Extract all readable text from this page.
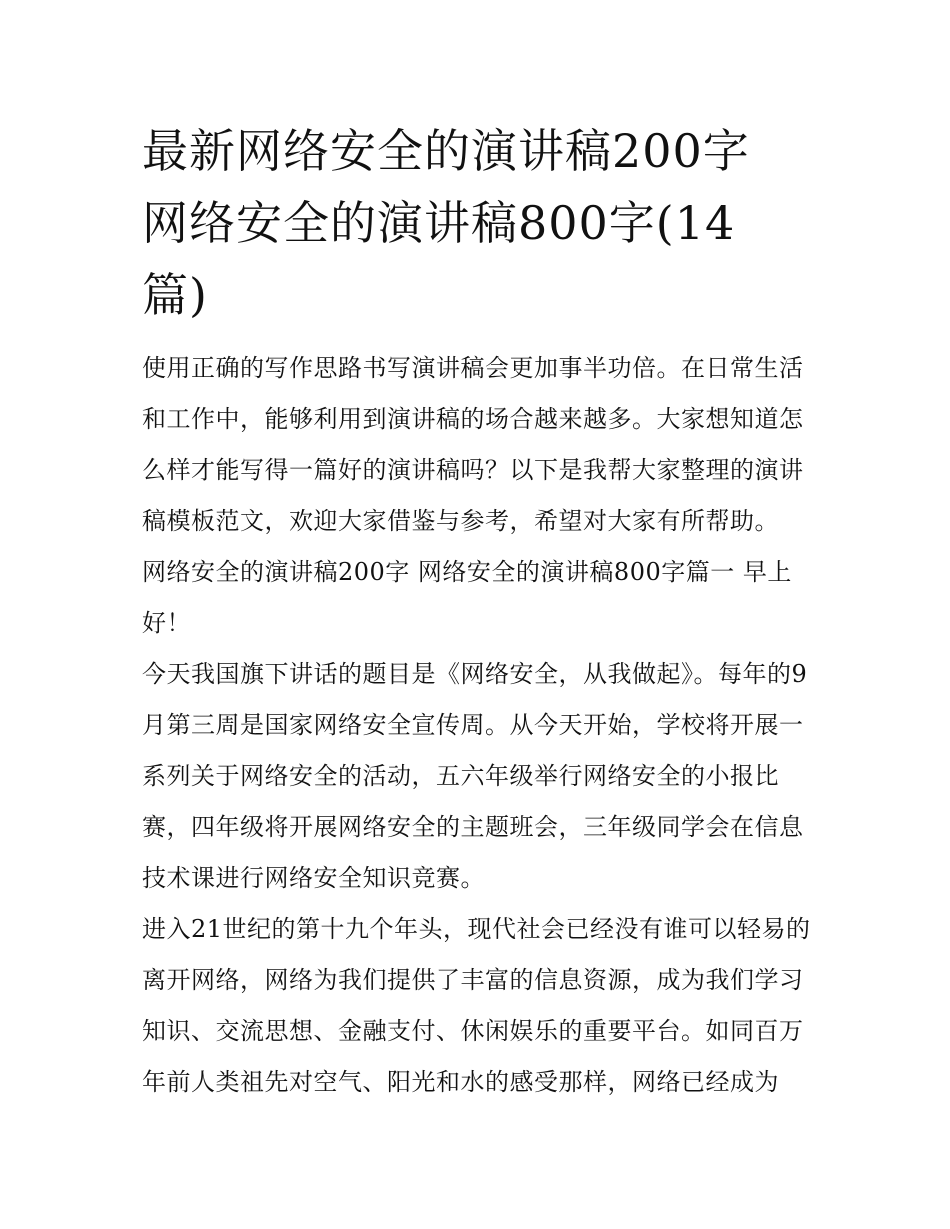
最新网络安全的演讲稿200字
网络安全的演讲稿800字(14
篇)

使用正确的写作思路书写演讲稿会更加事半功倍。在日常生活和工作中，能够利用到演讲稿的场合越来越多。大家想知道怎么样才能写得一篇好的演讲稿吗？以下是我帮大家整理的演讲稿模板范文，欢迎大家借鉴与参考，希望对大家有所帮助。

网络安全的演讲稿200字 网络安全的演讲稿800字篇一 早上好！

今天我国旗下讲话的题目是《网络安全，从我做起》。每年的9月第三周是国家网络安全宣传周。从今天开始，学校将开展一系列关于网络安全的活动，五六年级举行网络安全的小报比赛，四年级将开展网络安全的主题班会，三年级同学会在信息技术课进行网络安全知识竞赛。

进入21世纪的第十九个年头，现代社会已经没有谁可以轻易的离开网络，网络为我们提供了丰富的信息资源，成为我们学习知识、交流思想、金融支付、休闲娱乐的重要平台。如同百万年前人类祖先对空气、阳光和水的感受那样，网络已经成为
